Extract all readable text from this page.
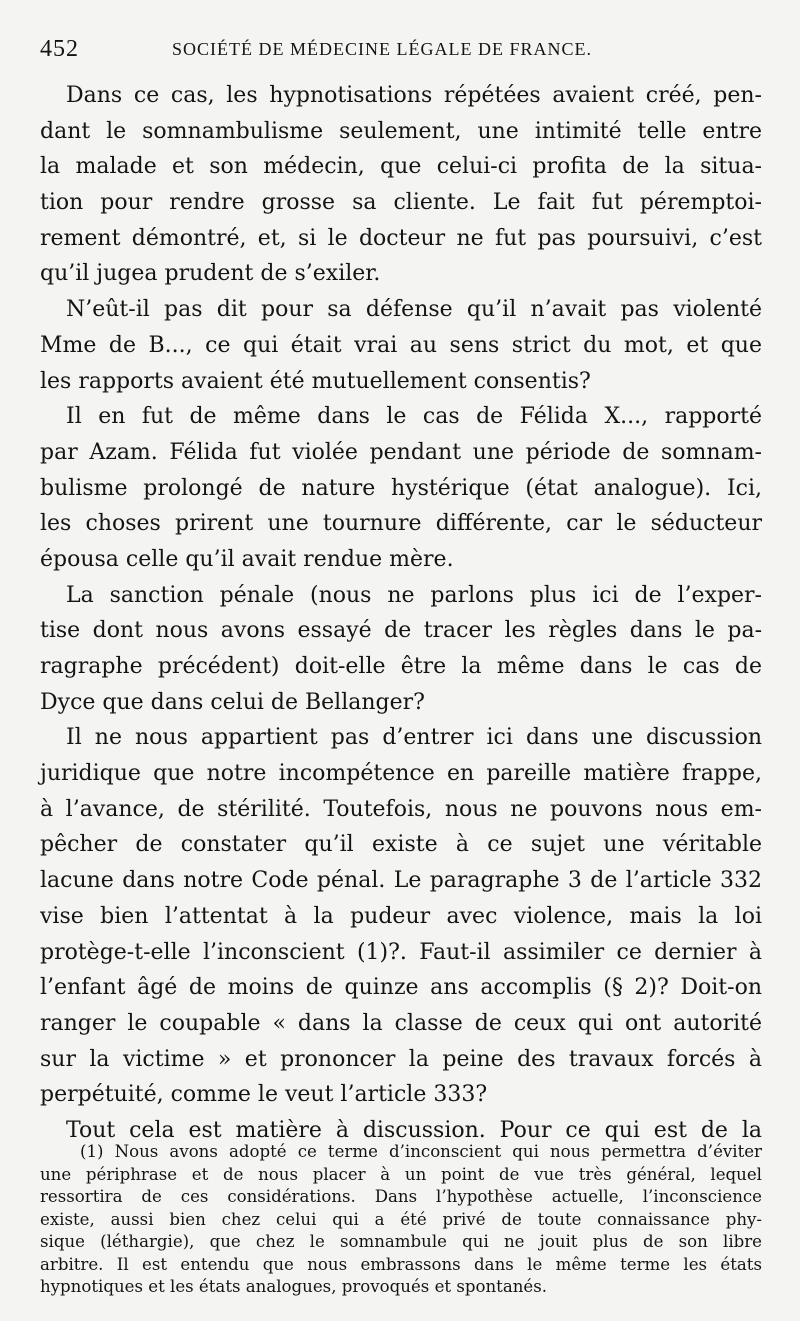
452	SOCIÉTÉ DE MÉDECINE LÉGALE DE FRANCE.
Dans ce cas, les hypnotisations répétées avaient créé, pen-
dant le somnambulisme seulement, une intimité telle entre
la malade et son médecin, que celui-ci profita de la situa-
tion pour rendre grosse sa cliente. Le fait fut péremptoi-
rement démontré, et, si le docteur ne fut pas poursuivi, c’est
qu’il jugea prudent de s’exiler.
N’eût-il pas dit pour sa défense qu’il n’avait pas violenté
Mme de B..., ce qui était vrai au sens strict du mot, et que
les rapports avaient été mutuellement consentis?
Il en fut de même dans le cas de Félida X..., rapporté
par Azam. Félida fut violée pendant une période de somnam-
bulisme prolongé de nature hystérique (état analogue). Ici,
les choses prirent une tournure différente, car le séducteur
épousa celle qu’il avait rendue mère.
La sanction pénale (nous ne parlons plus ici de l’exper-
tise dont nous avons essayé de tracer les règles dans le pa-
ragraphe précédent) doit-elle être la même dans le cas de
Dyce que dans celui de Bellanger?
Il ne nous appartient pas d’entrer ici dans une discussion
juridique que notre incompétence en pareille matière frappe,
à l’avance, de stérilité. Toutefois, nous ne pouvons nous em-
pêcher de constater qu’il existe à ce sujet une véritable
lacune dans notre Code pénal. Le paragraphe 3 de l’article 332
vise bien l’attentat à la pudeur avec violence, mais la loi
protège-t-elle l’inconscient (1)?. Faut-il assimiler ce dernier à
l’enfant âgé de moins de quinze ans accomplis (§ 2)? Doit-on
ranger le coupable « dans la classe de ceux qui ont autorité
sur la victime » et prononcer la peine des travaux forcés à
perpétuité, comme le veut l’article 333?
Tout cela est matière à discussion. Pour ce qui est de la
(1) Nous avons adopté ce terme d’inconscient qui nous permettra d’éviter
une périphrase et de nous placer à un point de vue très général, lequel
ressortira de ces considérations. Dans l’hypothèse actuelle, l’inconscience
existe, aussi bien chez celui qui a été privé de toute connaissance phy-
sique (léthargie), que chez le somnambule qui ne jouit plus de son libre
arbitre. Il est entendu que nous embrassons dans le même terme les états
hypnotiques et les états analogues, provoqués et spontanés.
